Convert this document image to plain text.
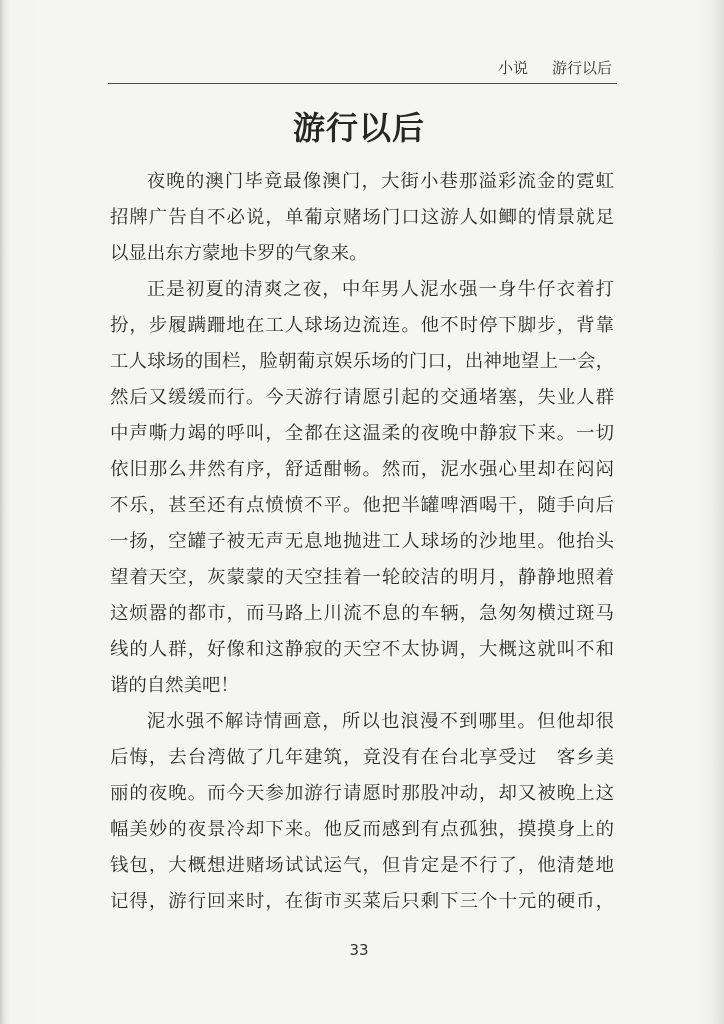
小说 游行以后
游行以后
夜晚的澳门毕竟最像澳门，大街小巷那溢彩流金的霓虹
招牌广告自不必说，单葡京赌场门口这游人如鲫的情景就足
以显出东方蒙地卡罗的气象来。
正是初夏的清爽之夜，中年男人泥水强一身牛仔衣着打
扮，步履蹒跚地在工人球场边流连。他不时停下脚步，背靠
工人球场的围栏，脸朝葡京娱乐场的门口，出神地望上一会，
然后又缓缓而行。今天游行请愿引起的交通堵塞，失业人群
中声嘶力竭的呼叫，全都在这温柔的夜晚中静寂下来。一切
依旧那么井然有序，舒适酣畅。然而，泥水强心里却在闷闷
不乐，甚至还有点愤愤不平。他把半罐啤酒喝干，随手向后
一扬，空罐子被无声无息地抛进工人球场的沙地里。他抬头
望着天空，灰蒙蒙的天空挂着一轮皎洁的明月，静静地照着
这烦嚣的都市，而马路上川流不息的车辆，急匆匆横过斑马
线的人群，好像和这静寂的天空不太协调，大概这就叫不和
谐的自然美吧！
泥水强不解诗情画意，所以也浪漫不到哪里。但他却很
后悔，去台湾做了几年建筑，竟没有在台北享受过　客乡美
丽的夜晚。而今天参加游行请愿时那股冲动，却又被晚上这
幅美妙的夜景冷却下来。他反而感到有点孤独，摸摸身上的
钱包，大概想进赌场试试运气，但肯定是不行了，他清楚地
记得，游行回来时，在街市买菜后只剩下三个十元的硬币，
33
